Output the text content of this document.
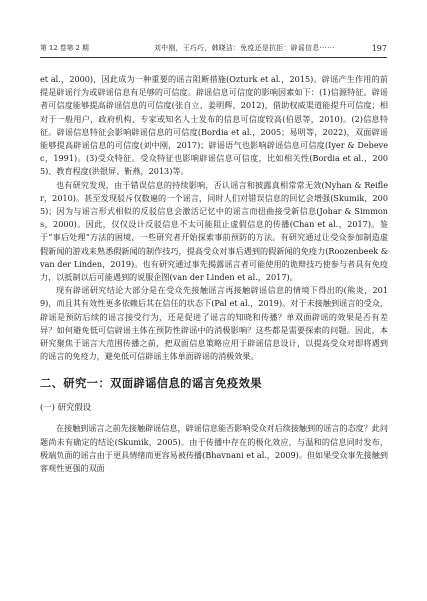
第 12 卷第 2 期	刘中刚，王巧巧，韩晓洁：免疫还是抗拒：辟谣信息······	197

et al.，2000)，因此成为一种重要的谣言阻断措施(Ozturk et al.，2015)。辟谣产生作用的前提是辟谣行为或辟谣信息有足够的可信度。辟谣信息可信度的影响因素如下：(1)信源特征。辟谣者可信度能够提高辟谣信息的可信度(张自立、姜明辉，2012)，借助权威渠道能提升可信度；相对于一般用户，政府机构、专家或知名人士发布的信息可信度较高(伯恩等，2010)。(2)信息特征。辟谣信息特征会影响辟谣信息的可信度(Bordia et al.，2005；易明等，2022)，双面辟谣能够提高辟谣信息的可信度(刘中刚，2017)；辟谣语气也影响辟谣信息可信度(Iyer & Debevec，1991)。(3)受众特征。受众特征也影响辟谣信息可信度，比如相关性(Bordia et al.，2005)、教育程度(洪银屏、靳燕，2013)等。

也有研究发现，由于错误信息的持续影响，否认谣言和披露真相常常无效(Nyhan & Reifler，2010)。甚至发现驳斥仅数遍的一个谣言，同时人们对错误信息的回忆会增强(Skumik，2005)；因为与谣言形式相似的反驳信息会激活记忆中的谣言而扭曲接受新信息(Johar & Simmons，2000)。因此，仅仅设计反驳信息不太可能阻止虚假信息的传播(Chan et al.，2017)。鉴于“事后处理”方法的困境，一些研究者开始探索事前预防的方法。有研究通过让受众参加制造虚假新闻的游戏来熟悉假新闻的制作技巧，提高受众对事后遇到的假新闻的免疫力(Roozenbeek & van der Linden，2019)。也有研究通过事先揭露谣言者可能使用的诡辩技巧使参与者具有免疫力，以抵制以后可能遇到的说服企图(van der Linden et al.，2017)。

现有辟谣研究结论大部分是在受众先接触谣言再接触辟谣信息的情境下得出的(熊炎，2019)，而且其有效性更多依赖后其在信任的状态下(Pal et al.，2019)。对于未接触到谣言的受众，辟谣是预防后续的谣言接受行为，还是促进了谣言的知晓和传播？单双面辟谣的效果是否有差异？如何避免低可信辟谣主体在预防性辟谣中的消极影响？这些都是需要探索的问题。因此，本研究聚焦于谣言大范围传播之前，把双面信息策略应用于辟谣信息设计，以提高受众对即将遇到的谣言的免疫力，避免低可信辟谣主体单面辟谣的消极效果。

二、研究一：双面辟谣信息的谣言免疫效果
(一) 研究假设

在接触到谣言之前先接触辟谣信息，辟谣信息能否影响受众对后续接触到的谣言的态度？此问题尚未有确定的结论(Skumik，2005)。由于传播中存在的极化效应，与温和的信息同时发布，极端负面的谣言由于更具情绪而更容易被传播(Bhavnani et al.，2009)。但如果受众事先接触到客观性更强的双面
